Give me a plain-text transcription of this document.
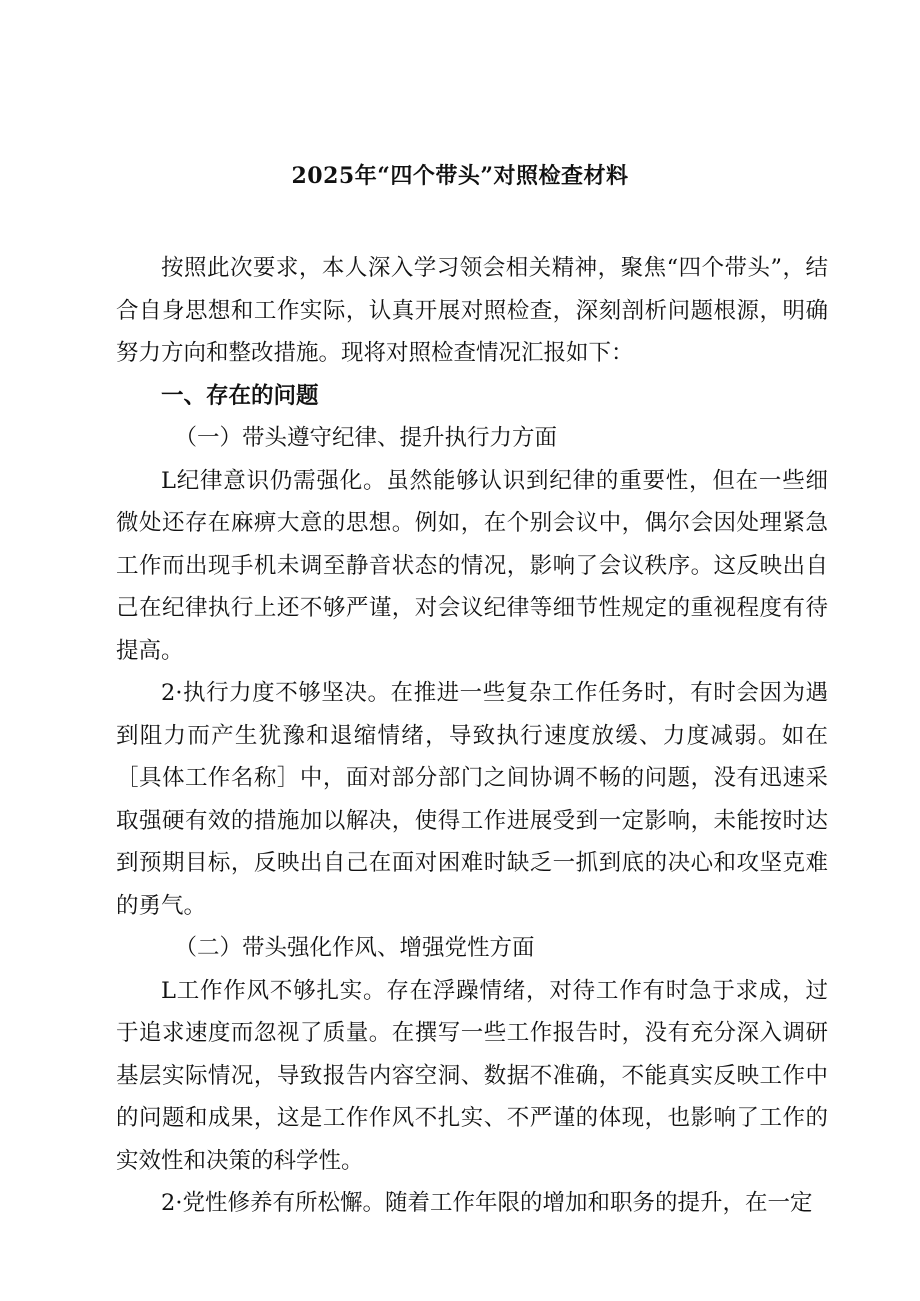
2025年“四个带头”对照检查材料

按照此次要求，本人深入学习领会相关精神，聚焦“四个带头”，结合自身思想和工作实际，认真开展对照检查，深刻剖析问题根源，明确努力方向和整改措施。现将对照检查情况汇报如下：

一、存在的问题

（一）带头遵守纪律、提升执行力方面

L纪律意识仍需强化。虽然能够认识到纪律的重要性，但在一些细微处还存在麻痹大意的思想。例如，在个别会议中，偶尔会因处理紧急工作而出现手机未调至静音状态的情况，影响了会议秩序。这反映出自己在纪律执行上还不够严谨，对会议纪律等细节性规定的重视程度有待提高。

2·执行力度不够坚决。在推进一些复杂工作任务时，有时会因为遇到阻力而产生犹豫和退缩情绪，导致执行速度放缓、力度减弱。如在［具体工作名称］中，面对部分部门之间协调不畅的问题，没有迅速采取强硬有效的措施加以解决，使得工作进展受到一定影响，未能按时达到预期目标，反映出自己在面对困难时缺乏一抓到底的决心和攻坚克难的勇气。

（二）带头强化作风、增强党性方面

L工作作风不够扎实。存在浮躁情绪，对待工作有时急于求成，过于追求速度而忽视了质量。在撰写一些工作报告时，没有充分深入调研基层实际情况，导致报告内容空洞、数据不准确，不能真实反映工作中的问题和成果，这是工作作风不扎实、不严谨的体现，也影响了工作的实效性和决策的科学性。

2·党性修养有所松懈。随着工作年限的增加和职务的提升，在一定
